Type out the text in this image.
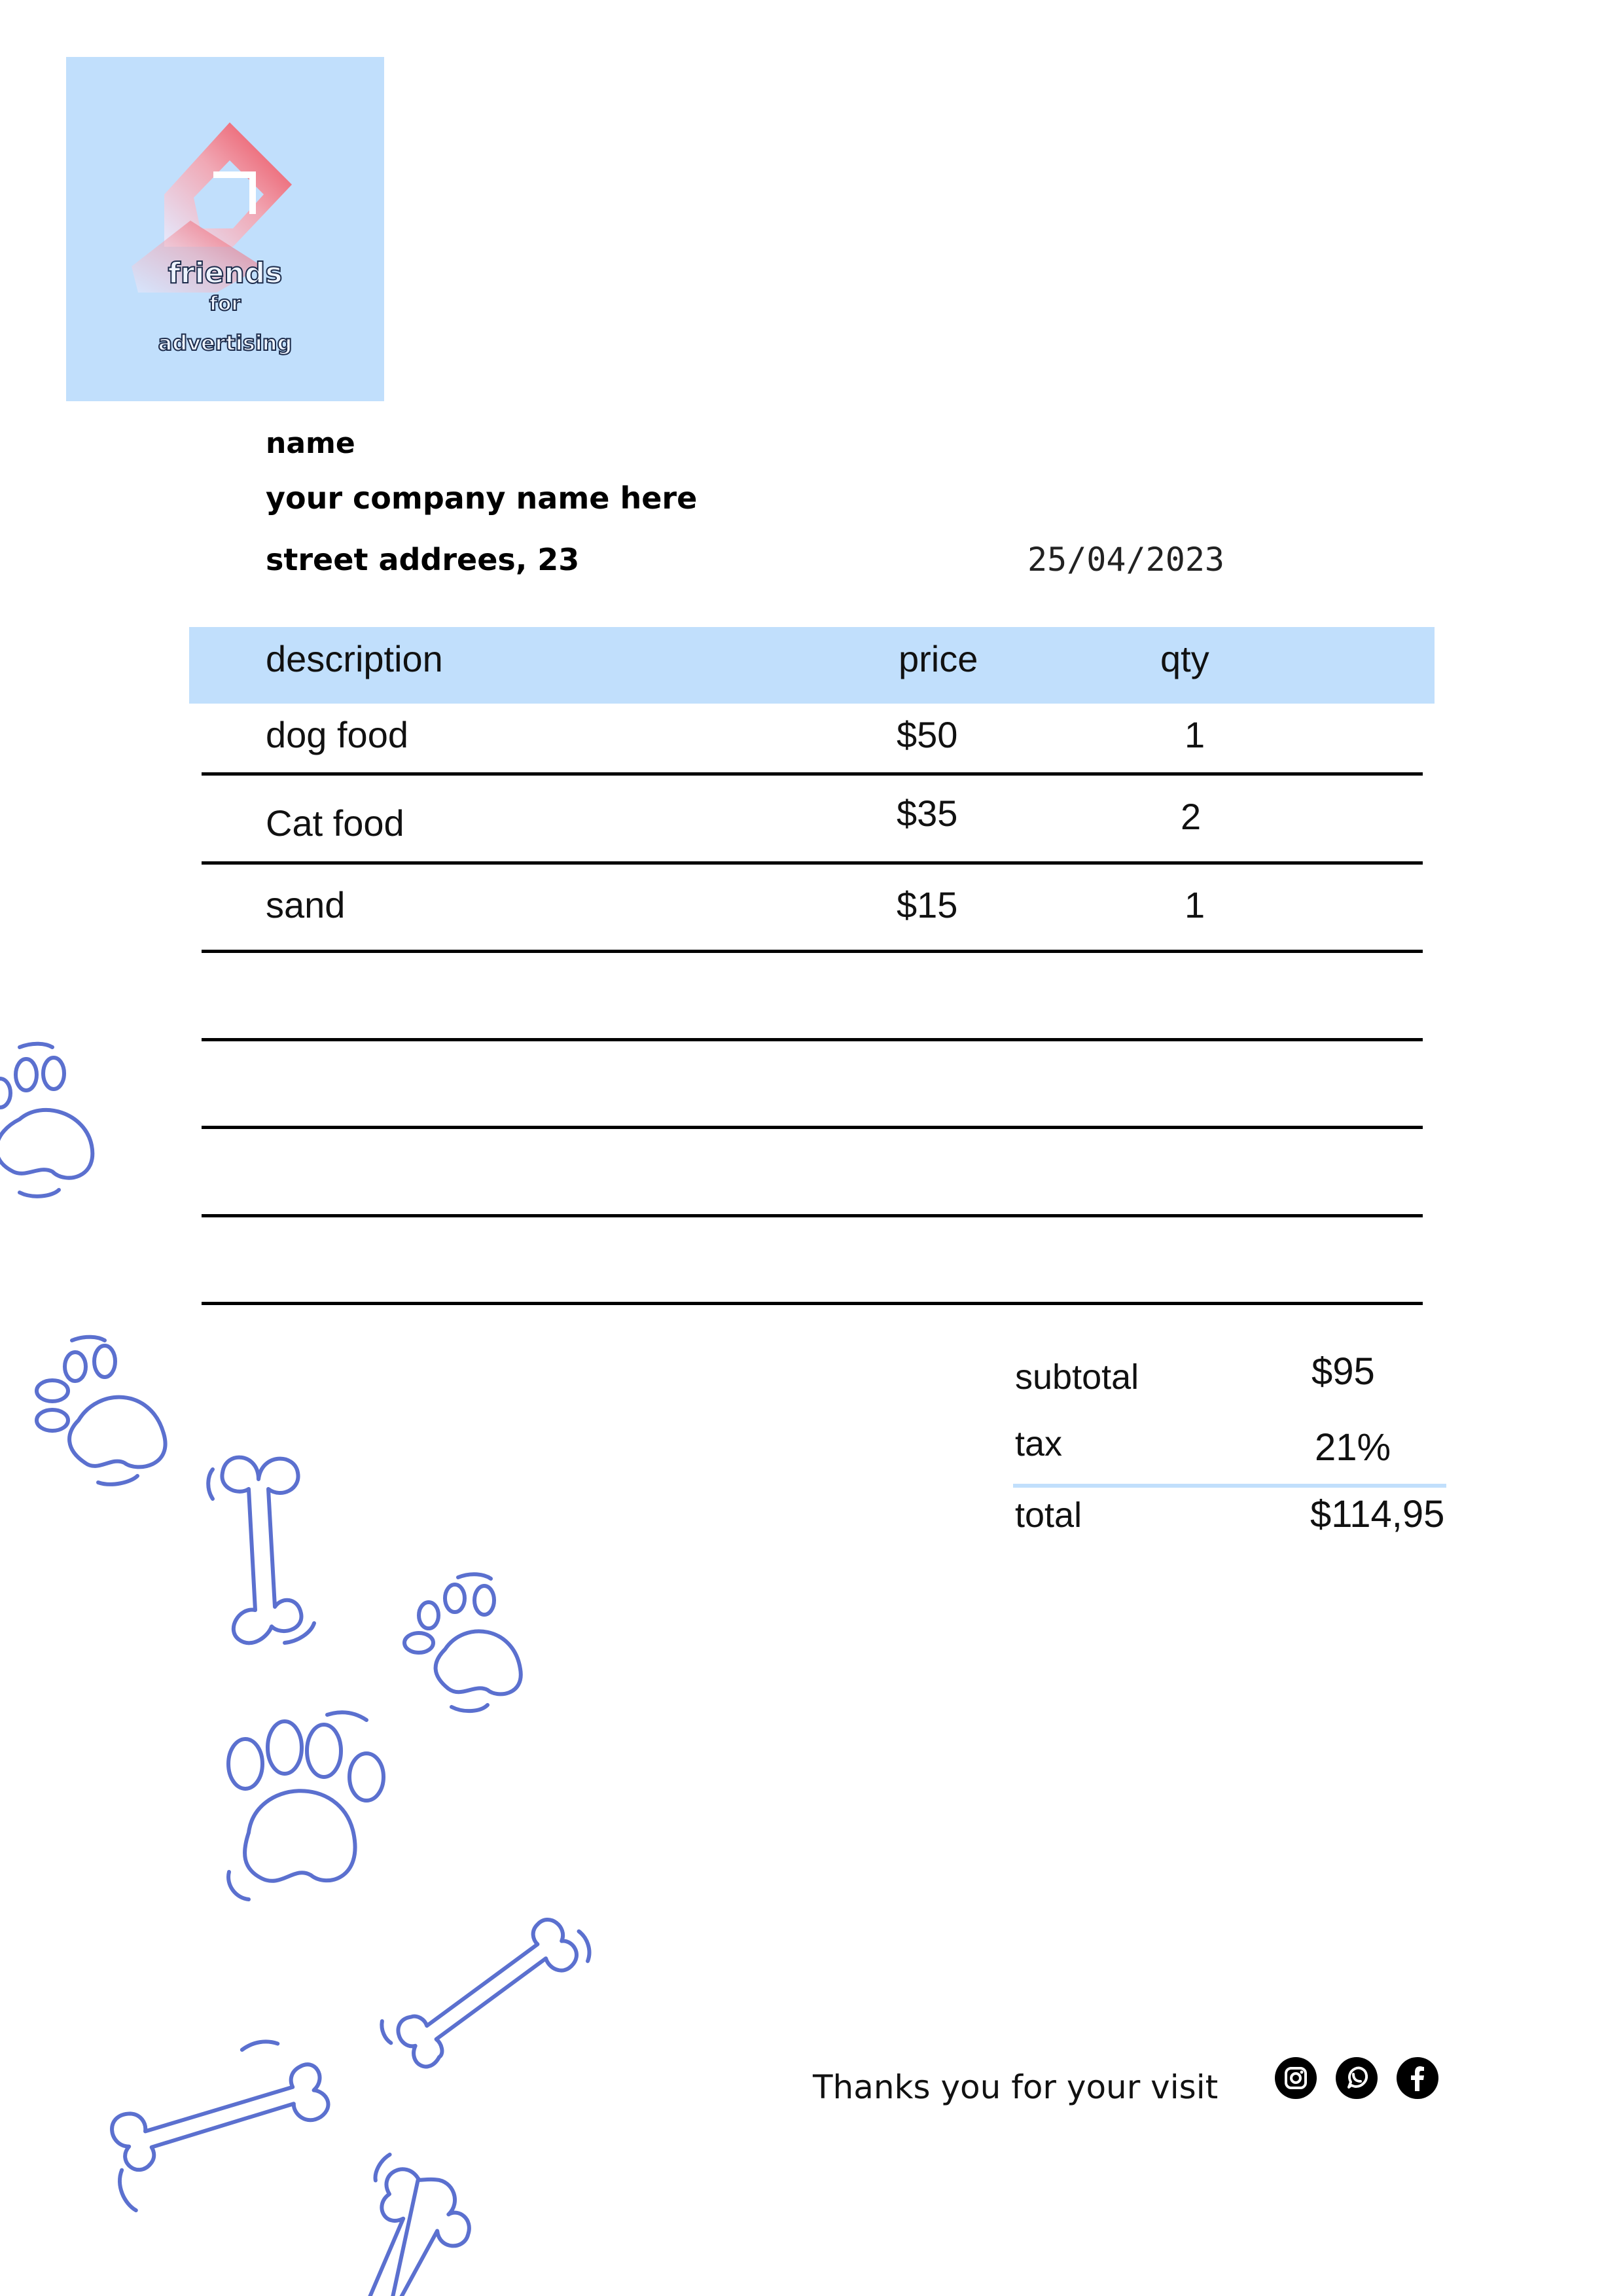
friends
for
advertising
name
your company name here
street addrees, 23	25/04/2023
description	price	qty
dog food	$50	1
Cat food	$35	2
sand	$15	1
subtotal	$95
tax	21%
total	$114,95
Thanks you for your visit
